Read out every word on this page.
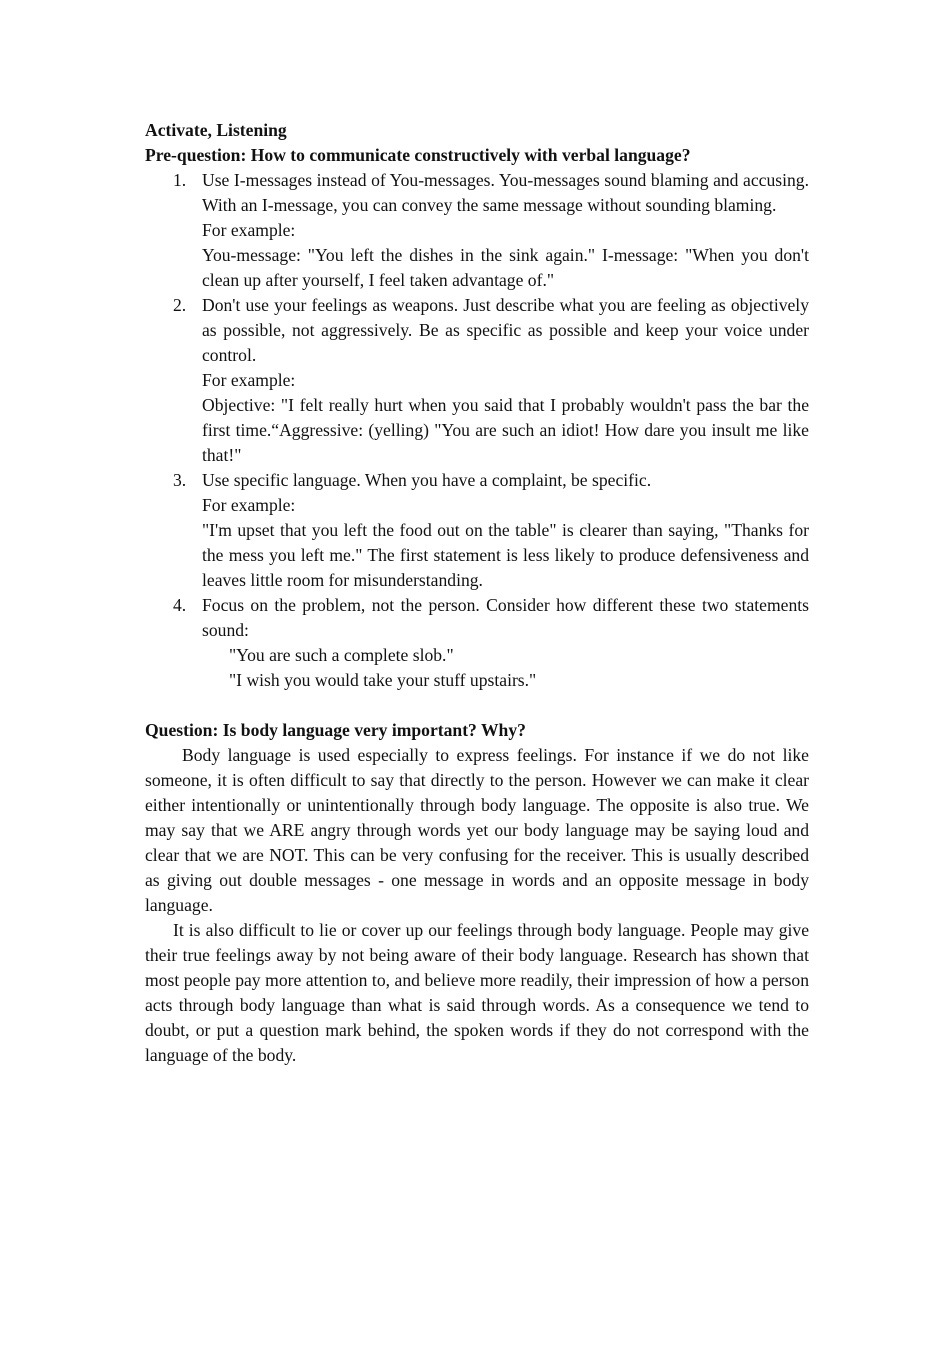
Activate, Listening

Pre-question: How to communicate constructively with verbal language?

1. Use I-messages instead of You-messages. You-messages sound blaming and accusing. With an I-message, you can convey the same message without sounding blaming.
For example:
You-message: "You left the dishes in the sink again." I-message: "When you don't clean up after yourself, I feel taken advantage of."
2. Don't use your feelings as weapons. Just describe what you are feeling as objectively as possible, not aggressively. Be as specific as possible and keep your voice under control.
For example:
Objective: "I felt really hurt when you said that I probably wouldn't pass the bar the first time.“Aggressive: (yelling) "You are such an idiot! How dare you insult me like that!"
3. Use specific language. When you have a complaint, be specific.
For example:
"I'm upset that you left the food out on the table" is clearer than saying, "Thanks for the mess you left me." The first statement is less likely to produce defensiveness and leaves little room for misunderstanding.
4. Focus on the problem, not the person. Consider how different these two statements sound:
"You are such a complete slob."
"I wish you would take your stuff upstairs."

Question: Is body language very important? Why?

Body language is used especially to express feelings. For instance if we do not like someone, it is often difficult to say that directly to the person. However we can make it clear either intentionally or unintentionally through body language. The opposite is also true. We may say that we ARE angry through words yet our body language may be saying loud and clear that we are NOT. This can be very confusing for the receiver. This is usually described as giving out double messages - one message in words and an opposite message in body language.

It is also difficult to lie or cover up our feelings through body language. People may give their true feelings away by not being aware of their body language. Research has shown that most people pay more attention to, and believe more readily, their impression of how a person acts through body language than what is said through words. As a consequence we tend to doubt, or put a question mark behind, the spoken words if they do not correspond with the language of the body.
